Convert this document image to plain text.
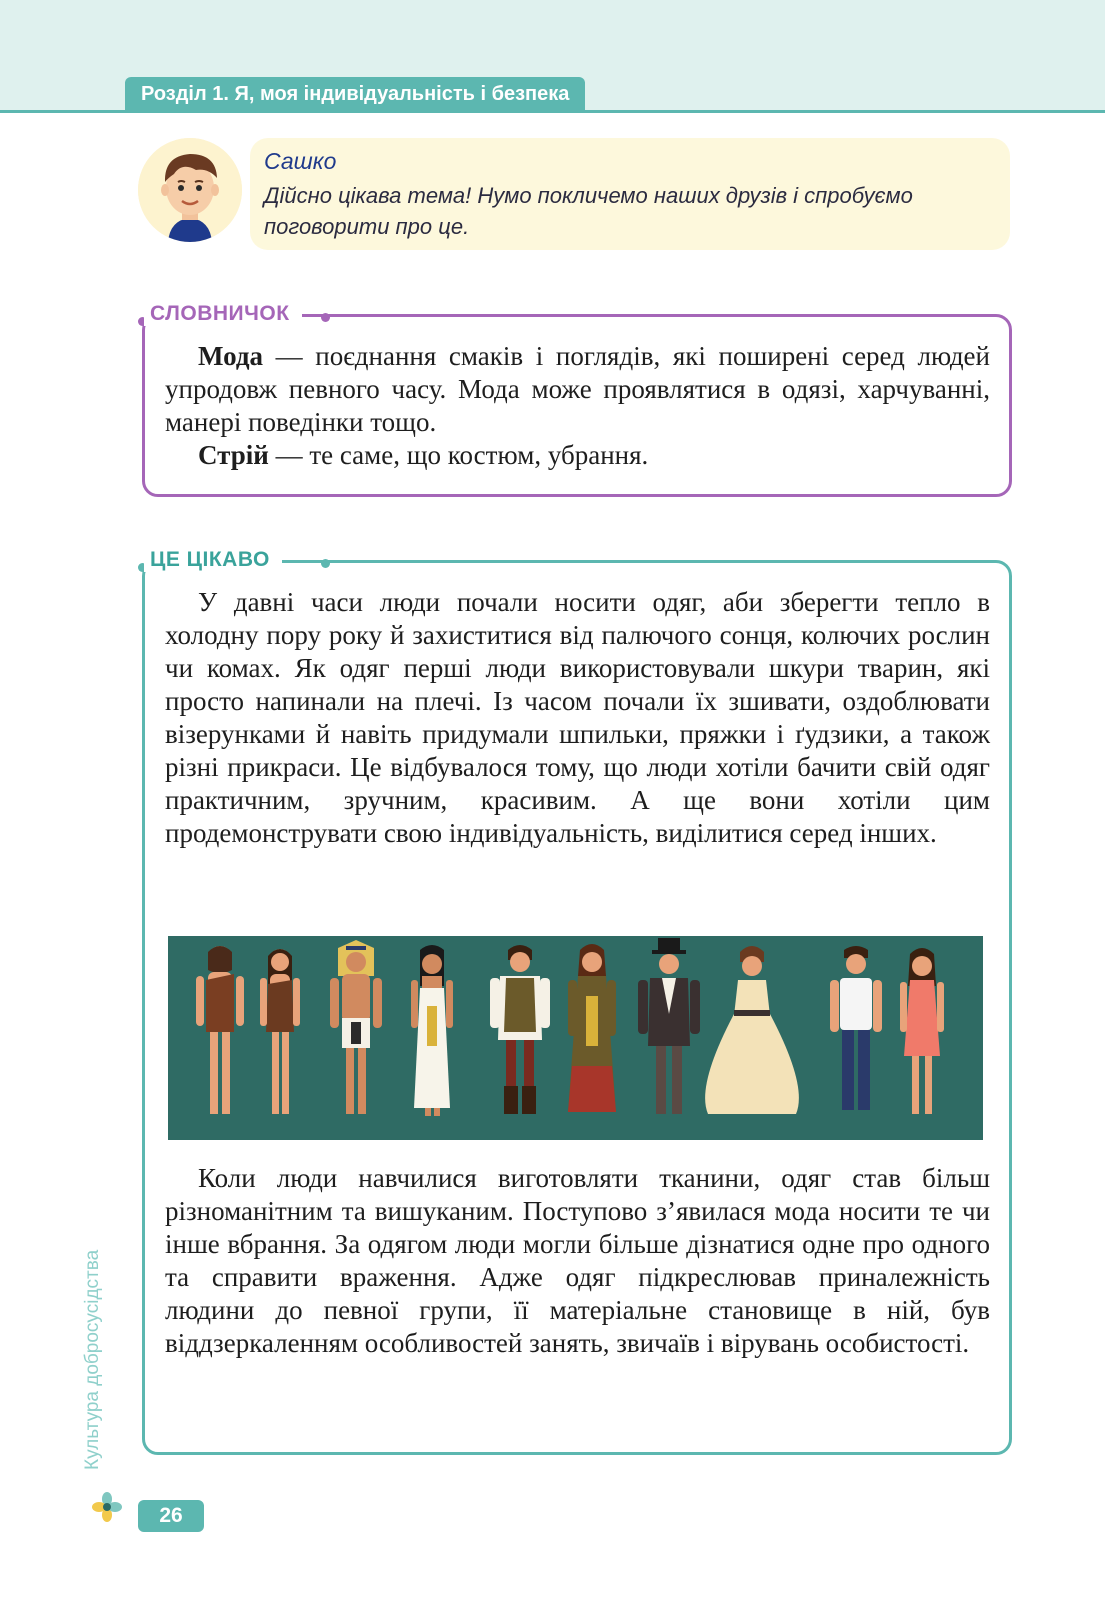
Розділ 1. Я, моя індивідуальність і безпека
Сашко
Дійсно цікава тема! Нумо покличемо наших друзів і спробуємо поговорити про це.
СЛОВНИЧОК

Мода — поєднання смаків і поглядів, які поширені серед людей упродовж певного часу. Мода може проявлятися в одязі, харчуванні, манері поведінки тощо.

Стрій — те саме, що костюм, убрання.

ЦЕ ЦІКАВО

У давні часи люди почали носити одяг, аби зберегти тепло в холодну пору року й захиститися від палючого сонця, колючих рослин чи комах. Як одяг перші люди використовували шкури тварин, які просто напинали на плечі. Із часом почали їх зшивати, оздоблювати візерунками й навіть придумали шпильки, пряжки і ґудзики, а також різні прикраси. Це відбувалося тому, що люди хотіли бачити свій одяг практичним, зручним, красивим. А ще вони хотіли цим продемонструвати свою індивідуальність, виділитися серед інших.

Коли люди навчилися виготовляти тканини, одяг став більш різноманітним та вишуканим. Поступово з’явилася мода носити те чи інше вбрання. За одягом люди могли більше дізнатися одне про одного та справити враження. Адже одяг підкреслював приналежність людини до певної групи, її матеріальне становище в ній, був віддзеркаленням особливостей занять, звичаїв і вірувань особистості.

Культура добросусідства
26
